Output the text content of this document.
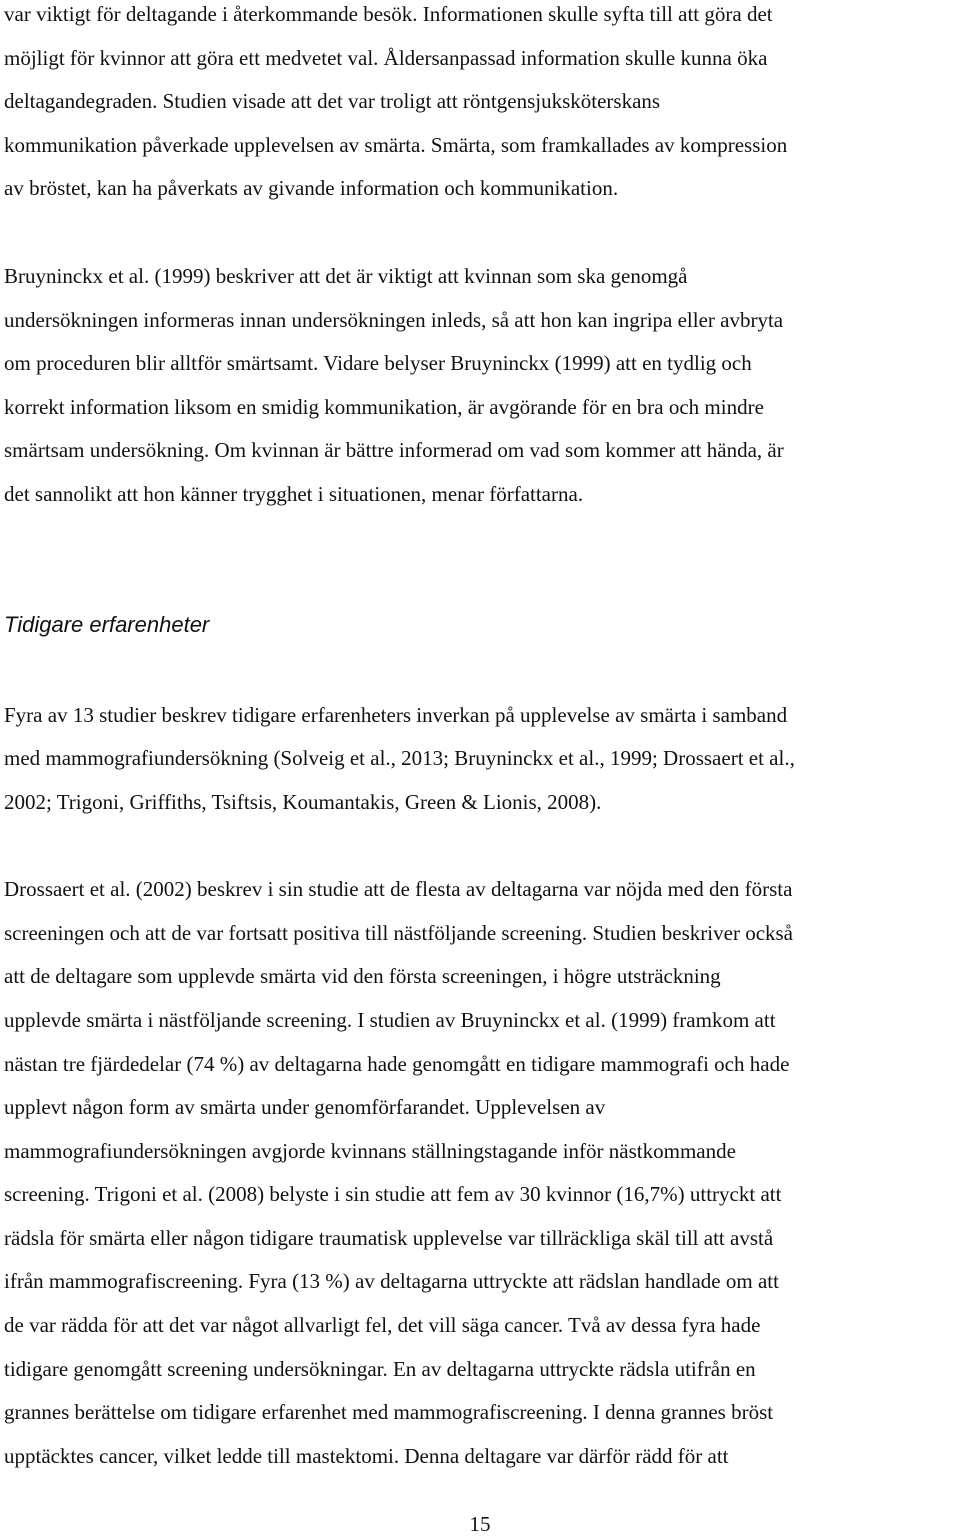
var viktigt för deltagande i återkommande besök. Informationen skulle syfta till att göra det
möjligt för kvinnor att göra ett medvetet val. Åldersanpassad information skulle kunna öka
deltagandegraden. Studien visade att det var troligt att röntgensjuksköterskans
kommunikation påverkade upplevelsen av smärta. Smärta, som framkallades av kompression
av bröstet, kan ha påverkats av givande information och kommunikation.
Bruyninckx et al. (1999) beskriver att det är viktigt att kvinnan som ska genomgå
undersökningen informeras innan undersökningen inleds, så att hon kan ingripa eller avbryta
om proceduren blir alltför smärtsamt. Vidare belyser Bruyninckx (1999) att en tydlig och
korrekt information liksom en smidig kommunikation, är avgörande för en bra och mindre
smärtsam undersökning. Om kvinnan är bättre informerad om vad som kommer att hända, är
det sannolikt att hon känner trygghet i situationen, menar författarna.
Tidigare erfarenheter
Fyra av 13 studier beskrev tidigare erfarenheters inverkan på upplevelse av smärta i samband
med mammografiundersökning (Solveig et al., 2013; Bruyninckx et al., 1999; Drossaert et al.,
2002; Trigoni, Griffiths, Tsiftsis, Koumantakis, Green & Lionis, 2008).
Drossaert et al. (2002) beskrev i sin studie att de flesta av deltagarna var nöjda med den första
screeningen och att de var fortsatt positiva till nästföljande screening. Studien beskriver också
att de deltagare som upplevde smärta vid den första screeningen, i högre utsträckning
upplevde smärta i nästföljande screening. I studien av Bruyninckx et al. (1999) framkom att
nästan tre fjärdedelar (74 %) av deltagarna hade genomgått en tidigare mammografi och hade
upplevt någon form av smärta under genomförfarandet. Upplevelsen av
mammografiundersökningen avgjorde kvinnans ställningstagande inför nästkommande
screening. Trigoni et al. (2008) belyste i sin studie att fem av 30 kvinnor (16,7%) uttryckt att
rädsla för smärta eller någon tidigare traumatisk upplevelse var tillräckliga skäl till att avstå
ifrån mammografiscreening. Fyra (13 %) av deltagarna uttryckte att rädslan handlade om att
de var rädda för att det var något allvarligt fel, det vill säga cancer. Två av dessa fyra hade
tidigare genomgått screening undersökningar. En av deltagarna uttryckte rädsla utifrån en
grannes berättelse om tidigare erfarenhet med mammografiscreening. I denna grannes bröst
upptäcktes cancer, vilket ledde till mastektomi. Denna deltagare var därför rädd för att
15
